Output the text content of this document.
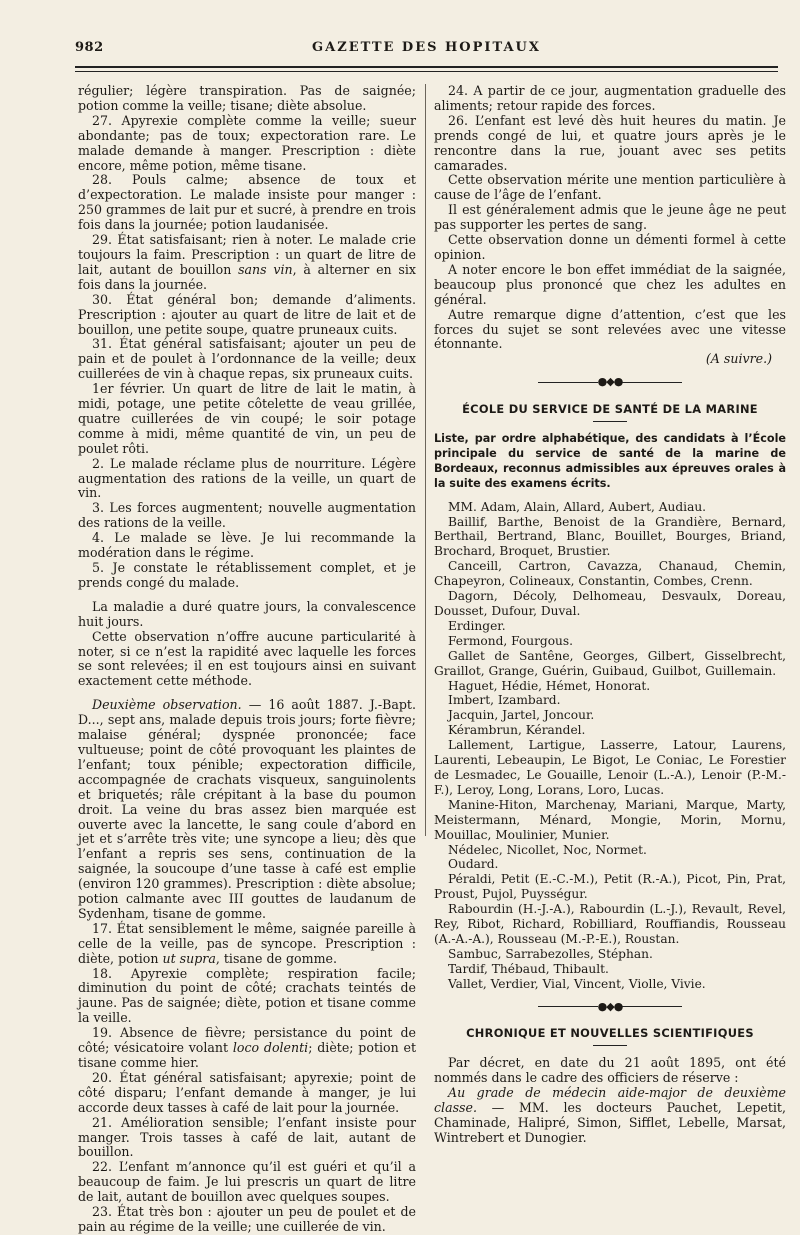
982	GAZETTE DES HOPITAUX

régulier; légère transpiration. Pas de saignée; potion comme la veille; tisane; diète absolue.

27. Apyrexie complète comme la veille; sueur abondante; pas de toux; expectoration rare. Le malade demande à manger. Prescription : diète encore, même potion, même tisane.

28. Pouls calme; absence de toux et d’expectoration. Le malade insiste pour manger : 250 grammes de lait pur et sucré, à prendre en trois fois dans la journée; potion laudanisée.

29. État satisfaisant; rien à noter. Le malade crie toujours la faim. Prescription : un quart de litre de lait, autant de bouillon sans vin, à alterner en six fois dans la journée.

30. État général bon; demande d’aliments. Prescription : ajouter au quart de litre de lait et de bouillon, une petite soupe, quatre pruneaux cuits.

31. État général satisfaisant; ajouter un peu de pain et de poulet à l’ordonnance de la veille; deux cuillerées de vin à chaque repas, six pruneaux cuits.

1er février. Un quart de litre de lait le matin, à midi, potage, une petite côtelette de veau grillée, quatre cuillerées de vin coupé; le soir potage comme à midi, même quantité de vin, un peu de poulet rôti.

2. Le malade réclame plus de nourriture. Légère augmentation des rations de la veille, un quart de vin.

3. Les forces augmentent; nouvelle augmentation des rations de la veille.

4. Le malade se lève. Je lui recommande la modération dans le régime.

5. Je constate le rétablissement complet, et je prends congé du malade.

La maladie a duré quatre jours, la convalescence huit jours.

Cette observation n’offre aucune particularité à noter, si ce n’est la rapidité avec laquelle les forces se sont relevées; il en est toujours ainsi en suivant exactement cette méthode.

Deuxième observation. — 16 août 1887. J.-Bapt. D..., sept ans, malade depuis trois jours; forte fièvre; malaise général; dyspnée prononcée; face vultueuse; point de côté provoquant les plaintes de l’enfant; toux pénible; expectoration difficile, accompagnée de crachats visqueux, sanguinolents et briquetés; râle crépitant à la base du poumon droit. La veine du bras assez bien marquée est ouverte avec la lancette, le sang coule d’abord en jet et s’arrête très vite; une syncope a lieu; dès que l’enfant a repris ses sens, continuation de la saignée, la soucoupe d’une tasse à café est emplie (environ 120 grammes). Prescription : diète absolue; potion calmante avec III gouttes de laudanum de Sydenham, tisane de gomme.

17. État sensiblement le même, saignée pareille à celle de la veille, pas de syncope. Prescription : diète, potion ut supra, tisane de gomme.

18. Apyrexie complète; respiration facile; diminution du point de côté; crachats teintés de jaune. Pas de saignée; diète, potion et tisane comme la veille.

19. Absence de fièvre; persistance du point de côté; vésicatoire volant loco dolenti; diète; potion et tisane comme hier.

20. État général satisfaisant; apyrexie; point de côté disparu; l’enfant demande à manger, je lui accorde deux tasses à café de lait pour la journée.

21. Amélioration sensible; l’enfant insiste pour manger. Trois tasses à café de lait, autant de bouillon.

22. L’enfant m’annonce qu’il est guéri et qu’il a beaucoup de faim. Je lui prescris un quart de litre de lait, autant de bouillon avec quelques soupes.

23. État très bon : ajouter un peu de poulet et de pain au régime de la veille; une cuillerée de vin.

24. A partir de ce jour, augmentation graduelle des aliments; retour rapide des forces.

26. L’enfant est levé dès huit heures du matin. Je prends congé de lui, et quatre jours après je le rencontre dans la rue, jouant avec ses petits camarades.

Cette observation mérite une mention particulière à cause de l’âge de l’enfant.

Il est généralement admis que le jeune âge ne peut pas supporter les pertes de sang.

Cette observation donne un démenti formel à cette opinion.

A noter encore le bon effet immédiat de la saignée, beaucoup plus prononcé que chez les adultes en général.

Autre remarque digne d’attention, c’est que les forces du sujet se sont relevées avec une vitesse étonnante.

(A suivre.)

●◆●
ÉCOLE DU SERVICE DE SANTÉ DE LA MARINE

Liste, par ordre alphabétique, des candidats à l’École principale du service de santé de la marine de Bordeaux, reconnus admissibles aux épreuves orales à la suite des examens écrits.

MM. Adam, Alain, Allard, Aubert, Audiau.

Baillif, Barthe, Benoist de la Grandière, Bernard, Berthail, Bertrand, Blanc, Bouillet, Bourges, Briand, Brochard, Broquet, Brustier.

Canceill, Cartron, Cavazza, Chanaud, Chemin, Chapeyron, Colineaux, Constantin, Combes, Crenn.

Dagorn, Décoly, Delhomeau, Desvaulx, Doreau, Dousset, Dufour, Duval.

Erdinger.

Fermond, Fourgous.

Gallet de Santêne, Georges, Gilbert, Gisselbrecht, Graillot, Grange, Guérin, Guibaud, Guilbot, Guillemain.

Haguet, Hédie, Hémet, Honorat.

Imbert, Izambard.

Jacquin, Jartel, Joncour.

Kérambrun, Kérandel.

Lallement, Lartigue, Lasserre, Latour, Laurens, Laurenti, Lebeaupin, Le Bigot, Le Coniac, Le Forestier de Lesmadec, Le Gouaille, Lenoir (L.-A.), Lenoir (P.-M.-F.), Leroy, Long, Lorans, Loro, Lucas.

Manine-Hiton, Marchenay, Mariani, Marque, Marty, Meistermann, Ménard, Mongie, Morin, Mornu, Mouillac, Moulinier, Munier.

Nédelec, Nicollet, Noc, Normet.

Oudard.

Péraldi, Petit (E.-C.-M.), Petit (R.-A.), Picot, Pin, Prat, Proust, Pujol, Puysségur.

Rabourdin (H.-J.-A.), Rabourdin (L.-J.), Revault, Revel, Rey, Ribot, Richard, Robilliard, Rouffiandis, Rousseau (A.-A.-A.), Rousseau (M.-P.-E.), Roustan.

Sambuc, Sarrabezolles, Stéphan.

Tardif, Thébaud, Thibault.

Vallet, Verdier, Vial, Vincent, Violle, Vivie.

●◆●
CHRONIQUE ET NOUVELLES SCIENTIFIQUES

Par décret, en date du 21 août 1895, ont été nommés dans le cadre des officiers de réserve :

Au grade de médecin aide-major de deuxième classe. — MM. les docteurs Pauchet, Lepetit, Chaminade, Halipré, Simon, Sifflet, Lebelle, Marsat, Wintrebert et Dunogier.
